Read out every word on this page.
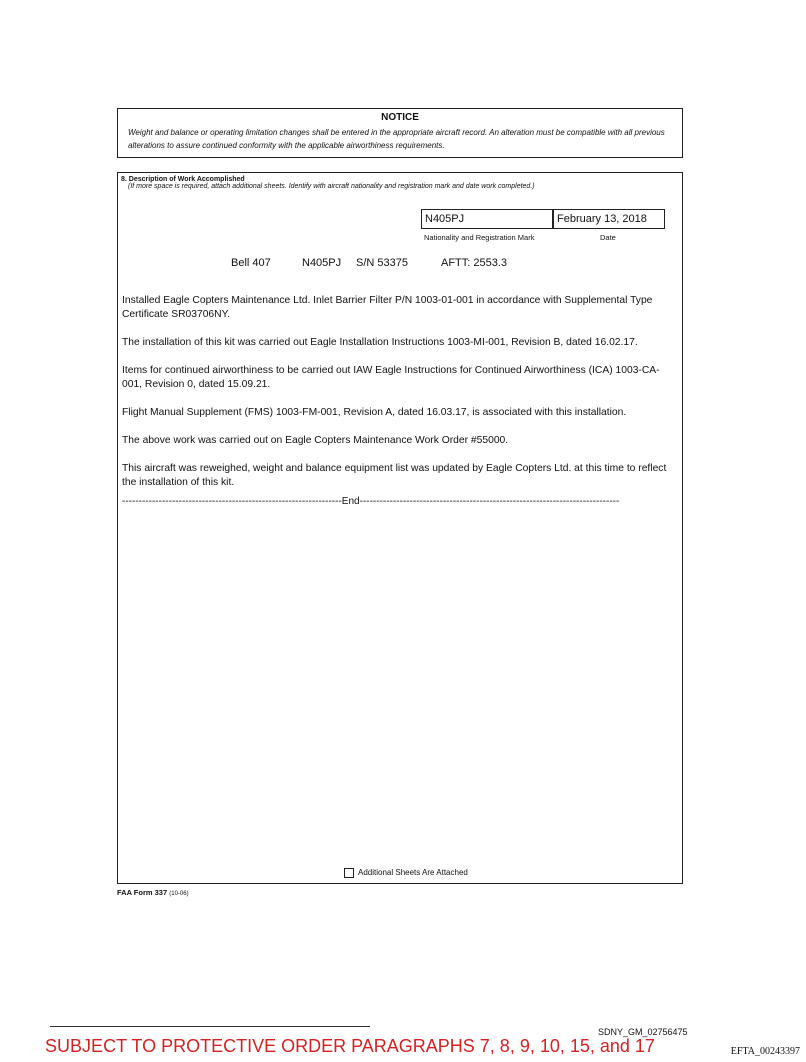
NOTICE
Weight and balance or operating limitation changes shall be entered in the appropriate aircraft record. An alteration must be compatible with all previous alterations to assure continued conformity with the applicable airworthiness requirements.
8. Description of Work Accomplished
(If more space is required, attach additional sheets. Identify with aircraft nationality and registration mark and date work completed.)
N405PJ	February 13, 2018
Nationality and Registration Mark	Date
Bell 407	N405PJ S/N 53375	AFTT: 2553.3
Installed Eagle Copters Maintenance Ltd. Inlet Barrier Filter P/N 1003-01-001 in accordance with Supplemental Type Certificate SR03706NY.
The installation of this kit was carried out Eagle Installation Instructions 1003-MI-001, Revision B, dated 16.02.17.
Items for continued airworthiness to be carried out IAW Eagle Instructions for Continued Airworthiness (ICA) 1003-CA-001, Revision 0, dated 15.09.21.
Flight Manual Supplement (FMS) 1003-FM-001, Revision A, dated 16.03.17, is associated with this installation.
The above work was carried out on Eagle Copters Maintenance Work Order #55000.
This aircraft was reweighed, weight and balance equipment list was updated by Eagle Copters Ltd. at this time to reflect the installation of this kit.
------------------------------------------------------------------End------------------------------------------------------------------------------
Additional Sheets Are Attached
FAA Form 337 (10-06)
SDNY_GM_02756475
SUBJECT TO PROTECTIVE ORDER PARAGRAPHS 7, 8, 9, 10, 15, and 17	EFTA_00243397
